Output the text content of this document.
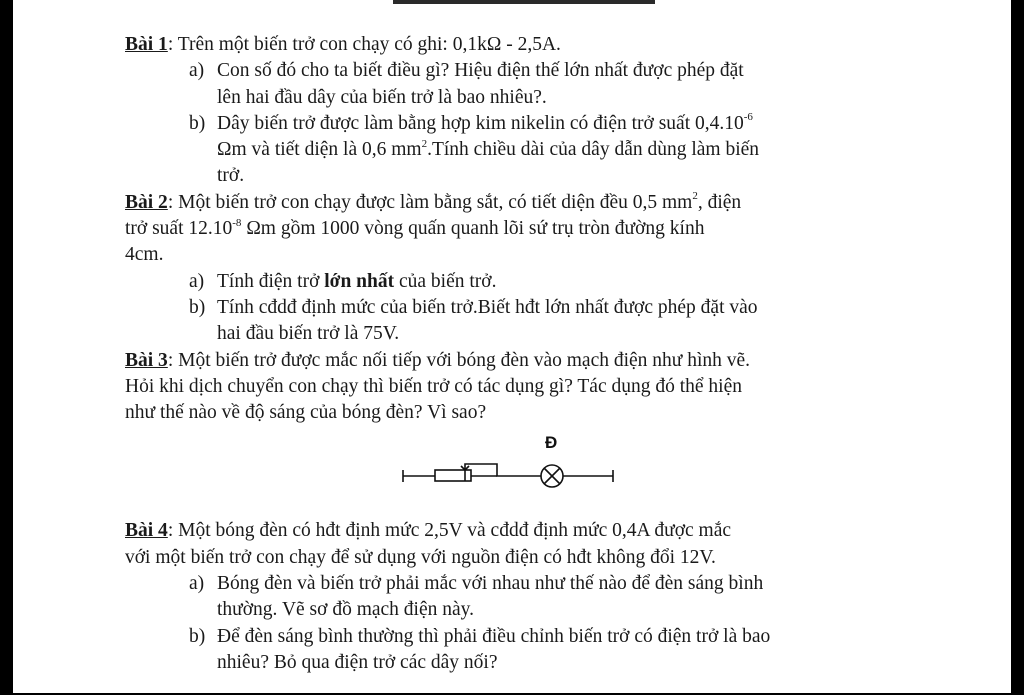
Bài 1: Trên một biến trở con chạy có ghi: 0,1kΩ - 2,5A.

a) Con số đó cho ta biết điều gì? Hiệu điện thế lớn nhất được phép đặt
lên hai đầu dây của biến trở là bao nhiêu?.
b) Dây biến trở được làm bằng hợp kim nikelin có điện trở suất $0,4.10^{-6}$
Ωm và tiết diện là 0,6 $mm^2.Tính$ chiều dài của dây dẫn dùng làm biến
trở.

Bài 2: Một biến trở con chạy được làm bằng sắt, có tiết diện đều 0,5 $mm^2$, điện

trở suất $12.10^{-8}$ Ωm gồm 1000 vòng quấn quanh lõi sứ trụ tròn đường kính

4cm.

a) Tính điện trở lớn nhất của biến trở.
b) Tính cđdđ định mức của biến trở.Biết hđt lớn nhất được phép đặt vào
hai đầu biến trở là 75V.

Bài 3: Một biến trở được mắc nối tiếp với bóng đèn vào mạch điện như hình vẽ.

Hỏi khi dịch chuyển con chạy thì biến trở có tác dụng gì? Tác dụng đó thể hiện

như thế nào về độ sáng của bóng đèn? Vì sao?

Đ

Bài 4: Một bóng đèn có hđt định mức 2,5V và cđdđ định mức 0,4A được mắc

với một biến trở con chạy để sử dụng với nguồn điện có hđt không đổi 12V.

a) Bóng đèn và biến trở phải mắc với nhau như thế nào để đèn sáng bình
thường. Vẽ sơ đồ mạch điện này.
b) Để đèn sáng bình thường thì phải điều chỉnh biến trở có điện trở là bao
nhiêu? Bỏ qua điện trở các dây nối?
